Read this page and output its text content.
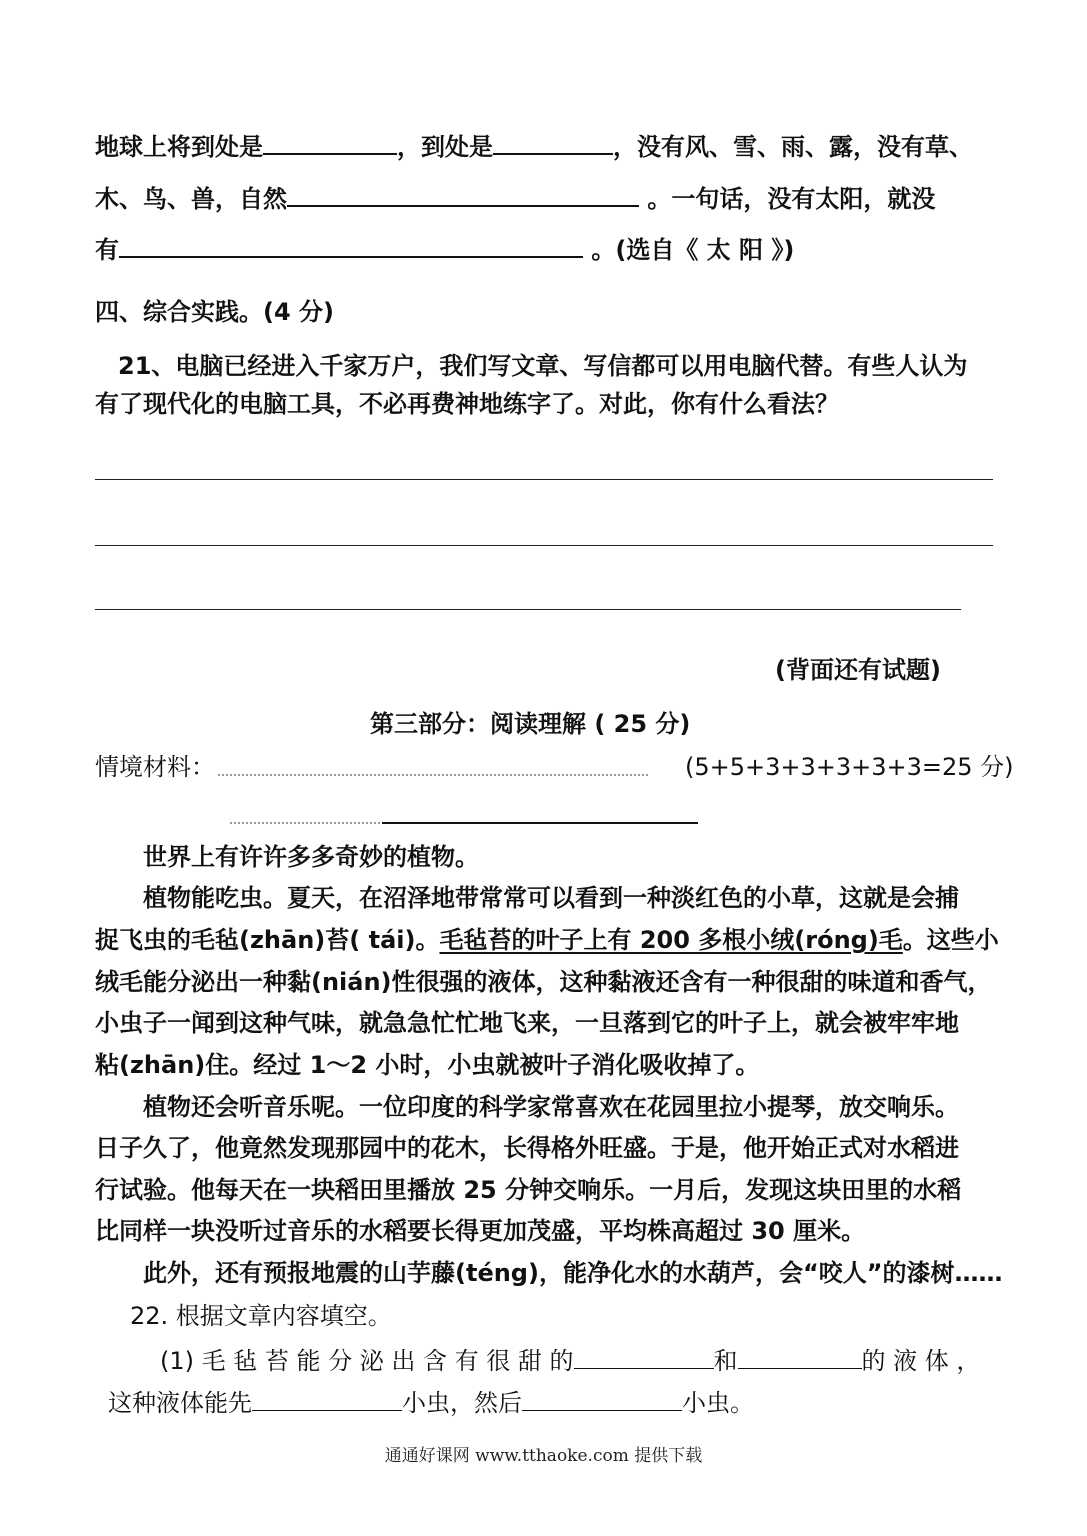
地球上将到处是	，到处是	，没有风、雪、雨、露，没有草、
木、鸟、兽，自然	。一句话，没有太阳，就没
有	。(选自《 太 阳 》)
四、综合实践。(4 分)
21、电脑已经进入千家万户，我们写文章、写信都可以用电脑代替。有些人认为
有了现代化的电脑工具，不必再费神地练字了。对此，你有什么看法？
(背面还有试题)
第三部分：阅读理解 ( 25 分)
情境材料：	(5+5+3+3+3+3+3=25 分)
世界上有许许多多奇妙的植物。
植物能吃虫。夏天，在沼泽地带常常可以看到一种淡红色的小草，这就是会捕
捉飞虫的毛毡(zhān)苔( tái)。毛毡苔的叶子上有 200 多根小绒(róng)毛。这些小
绒毛能分泌出一种黏(nián)性很强的液体，这种黏液还含有一种很甜的味道和香气，
小虫子一闻到这种气味，就急急忙忙地飞来，一旦落到它的叶子上，就会被牢牢地
粘(zhān)住。经过 1～2 小时，小虫就被叶子消化吸收掉了。
植物还会听音乐呢。一位印度的科学家常喜欢在花园里拉小提琴，放交响乐。
日子久了，他竟然发现那园中的花木，长得格外旺盛。于是，他开始正式对水稻进
行试验。他每天在一块稻田里播放 25 分钟交响乐。一月后，发现这块田里的水稻
比同样一块没听过音乐的水稻要长得更加茂盛，平均株高超过 30 厘米。
此外，还有预报地震的山芋藤(téng)，能净化水的水葫芦，会“咬人”的漆树……
22. 根据文章内容填空。
(1) 毛 毡 苔 能 分 泌 出 含 有 很 甜 的	和	的 液 体 ，
这种液体能先	小虫，然后	小虫。
通通好课网 www.tthaoke.com 提供下载
